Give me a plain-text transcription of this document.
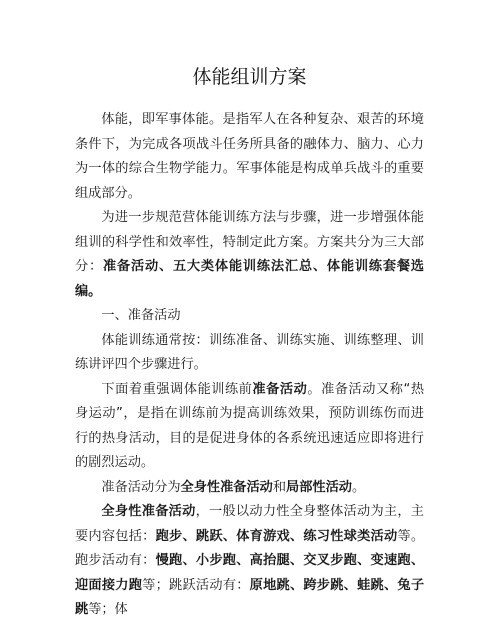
体能组训方案

体能，即军事体能。是指军人在各种复杂、艰苦的环境条件下，为完成各项战斗任务所具备的融体力、脑力、心力为一体的综合生物学能力。军事体能是构成单兵战斗的重要组成部分。

为进一步规范营体能训练方法与步骤，进一步增强体能组训的科学性和效率性，特制定此方案。方案共分为三大部分：准备活动、五大类体能训练法汇总、体能训练套餐选编。

一、准备活动

体能训练通常按：训练准备、训练实施、训练整理、训练讲评四个步骤进行。

下面着重强调体能训练前准备活动。准备活动又称“热身运动”，是指在训练前为提高训练效果，预防训练伤而进行的热身活动，目的是促进身体的各系统迅速适应即将进行的剧烈运动。

准备活动分为全身性准备活动和局部性活动。

全身性准备活动，一般以动力性全身整体活动为主，主要内容包括：跑步、跳跃、体育游戏、练习性球类活动等。跑步活动有：慢跑、小步跑、高抬腿、交叉步跑、变速跑、迎面接力跑等；跳跃活动有：原地跳、跨步跳、蛙跳、兔子跳等；体
